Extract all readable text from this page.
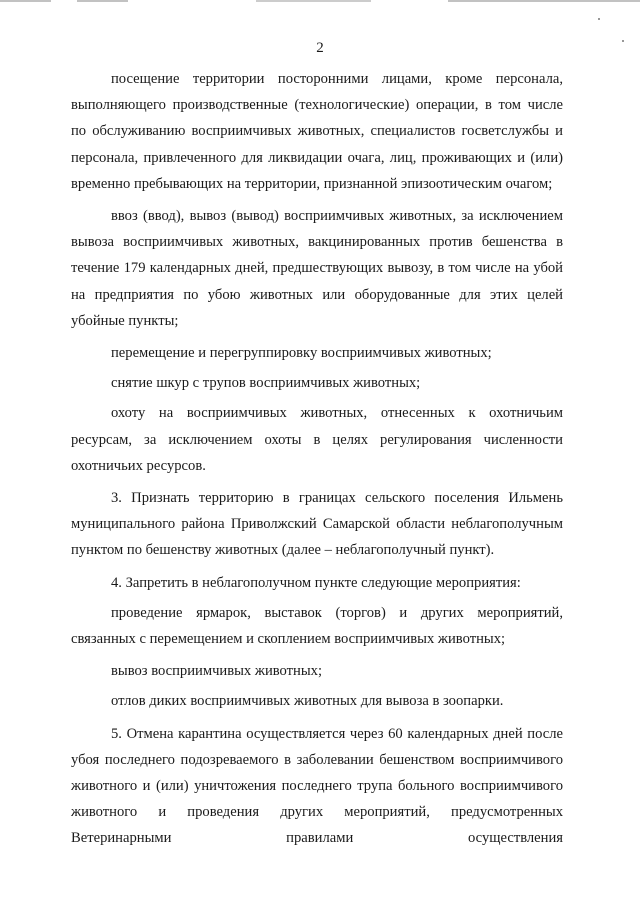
2

посещение территории посторонними лицами, кроме персонала, выполняющего производственные (технологические) операции, в том числе по обслуживанию восприимчивых животных, специалистов госветслужбы и персонала, привлеченного для ликвидации очага, лиц, проживающих и (или) временно пребывающих на территории, признанной эпизоотическим очагом;

ввоз (ввод), вывоз (вывод) восприимчивых животных, за исключением вывоза восприимчивых животных, вакцинированных против бешенства в течение 179 календарных дней, предшествующих вывозу, в том числе на убой на предприятия по убою животных или оборудованные для этих целей убойные пункты;

перемещение и перегруппировку восприимчивых животных;

снятие шкур с трупов восприимчивых животных;

охоту на восприимчивых животных, отнесенных к охотничьим ресурсам, за исключением охоты в целях регулирования численности охотничьих ресурсов.

3. Признать территорию в границах сельского поселения Ильмень муниципального района Приволжский Самарской области неблагополучным пунктом по бешенству животных (далее – неблагополучный пункт).

4. Запретить в неблагополучном пункте следующие мероприятия:

проведение ярмарок, выставок (торгов) и других мероприятий, связанных с перемещением и скоплением восприимчивых животных;

вывоз восприимчивых животных;

отлов диких восприимчивых животных для вывоза в зоопарки.

5. Отмена карантина осуществляется через 60 календарных дней после убоя последнего подозреваемого в заболевании бешенством восприимчивого животного и (или) уничтожения последнего трупа больного восприимчивого животного и проведения других мероприятий, предусмотренных Ветеринарными правилами осуществления
